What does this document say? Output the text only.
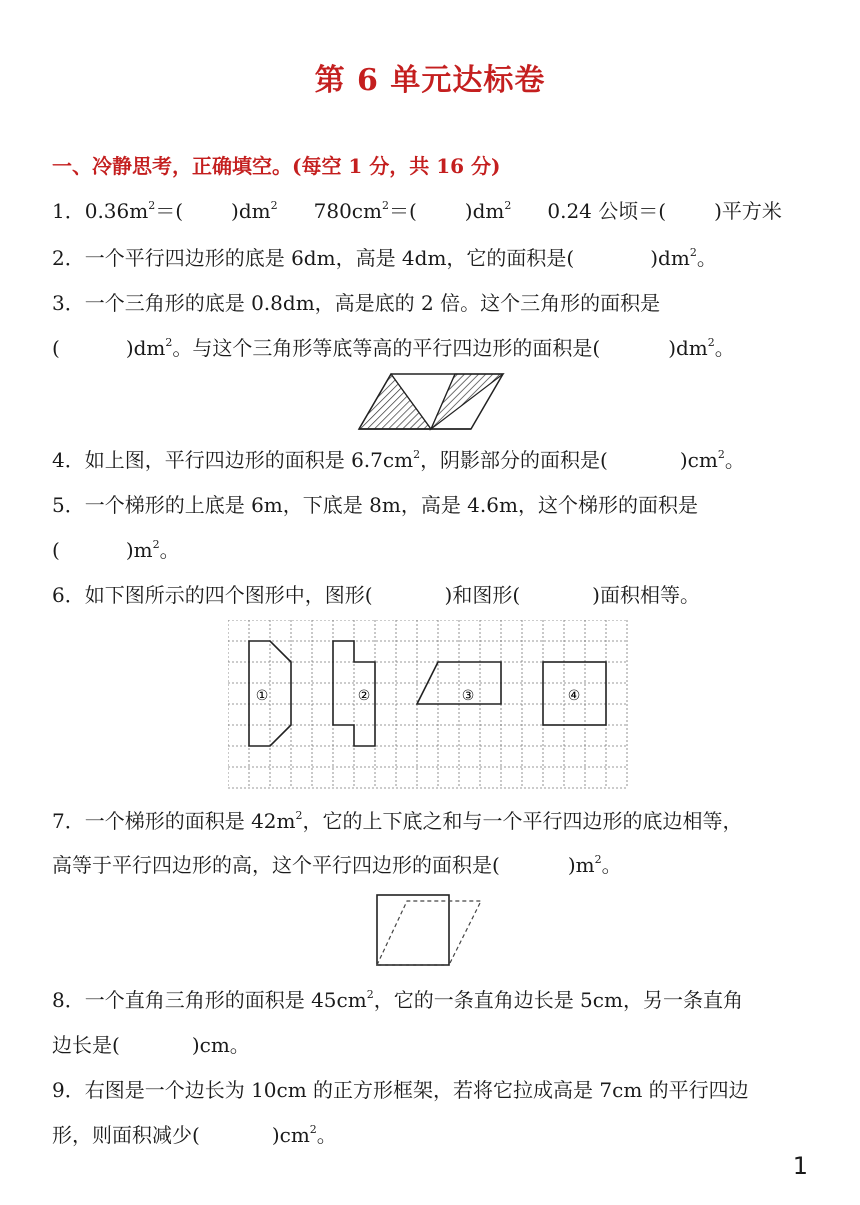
第 6 单元达标卷
一、冷静思考，正确填空。(每空 1 分，共 16 分)
1．$0.36m^2=$( )$dm^2$ $780cm^2=$( )$dm^2$ 0.24 公顷＝( )平方米
2．一个平行四边形的底是 6dm，高是 4dm，它的面积是(	)$dm^2$。
3．一个三角形的底是 0.8dm，高是底的 2 倍。这个三角形的面积是
(	)$dm^2$。与这个三角形等底等高的平行四边形的面积是(	)$dm^2$。
4．如上图，平行四边形的面积是 $6.7cm^2$，阴影部分的面积是(	)$cm^2$。
5．一个梯形的上底是 6m，下底是 8m，高是 4.6m，这个梯形的面积是
(	)$m^2$。
6．如下图所示的四个图形中，图形(	)和图形(	)面积相等。
①	②	③	④
7．一个梯形的面积是 $42m^2$，它的上下底之和与一个平行四边形的底边相等，
高等于平行四边形的高，这个平行四边形的面积是(	)$m^2$。
8．一个直角三角形的面积是 $45cm^2$，它的一条直角边长是 5cm，另一条直角
边长是(	)cm。
9．右图是一个边长为 10cm 的正方形框架，若将它拉成高是 7cm 的平行四边
形，则面积减少(	)$cm^2$。
1
